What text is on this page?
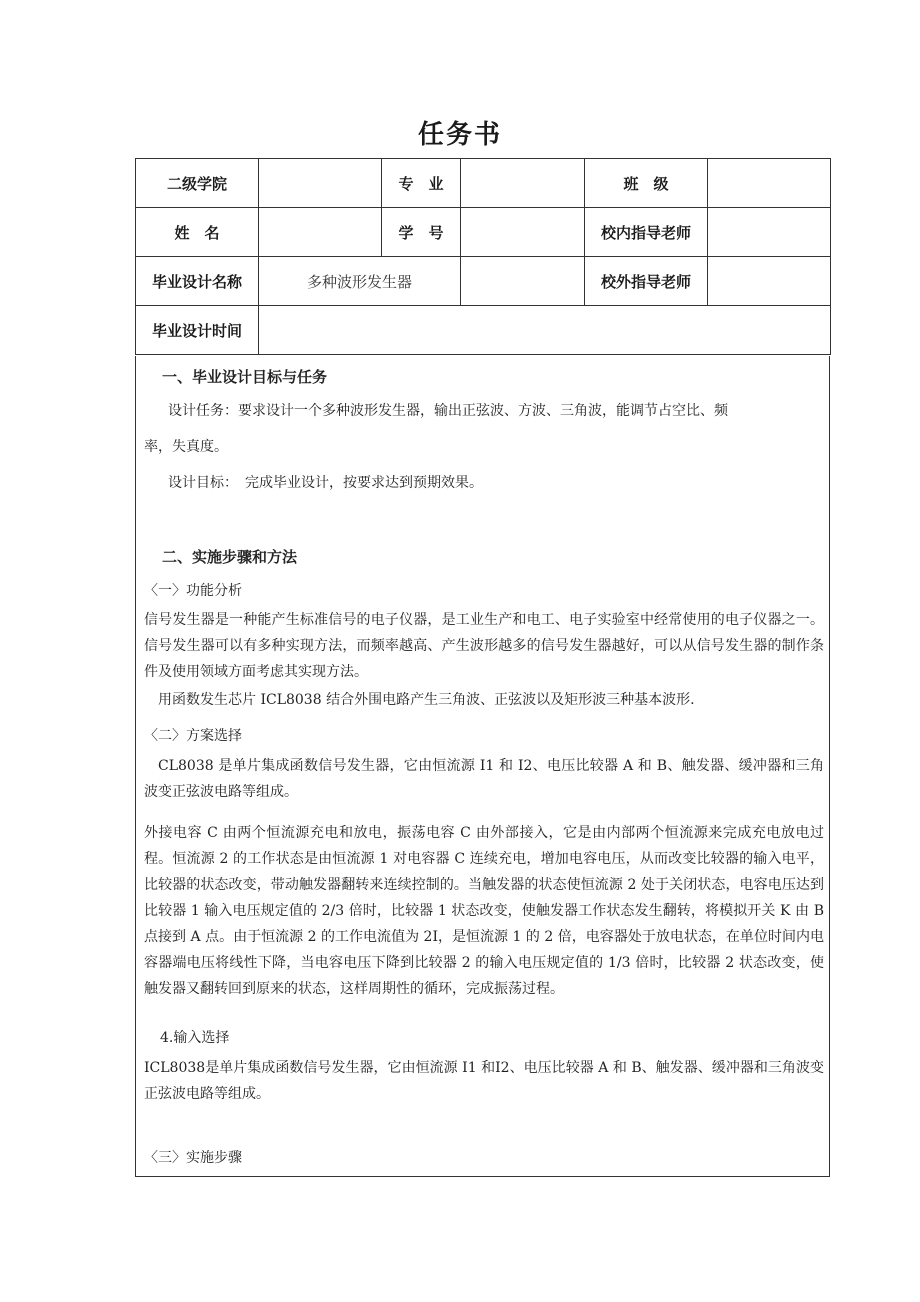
任务书
二级学院		专　业		班　级	
姓　名		学　号		校内指导老师	
毕业设计名称	多种波形发生器			校外指导老师	
毕业设计时间					
一、毕业设计目标与任务
设计任务：要求设计一个多种波形发生器，输出正弦波、方波、三角波，能调节占空比、频
率，失真度。
设计目标：　完成毕业设计，按要求达到预期效果。
二、实施步骤和方法
〈一〉功能分析
信号发生器是一种能产生标准信号的电子仪器，是工业生产和电工、电子实验室中经常使用的电子仪器之一。信号发生器可以有多种实现方法，而频率越高、产生波形越多的信号发生器越好，可以从信号发生器的制作条件及使用领域方面考虑其实现方法。
用函数发生芯片 ICL8038 结合外围电路产生三角波、正弦波以及矩形波三种基本波形.
〈二〉方案选择
CL8038 是单片集成函数信号发生器，它由恒流源 I1 和 I2、电压比较器 A 和 B、触发器、缓冲器和三角波变正弦波电路等组成。
外接电容 C 由两个恒流源充电和放电，振荡电容 C 由外部接入，它是由内部两个恒流源来完成充电放电过程。恒流源 2 的工作状态是由恒流源 1 对电容器 C 连续充电，增加电容电压，从而改变比较器的输入电平，比较器的状态改变，带动触发器翻转来连续控制的。当触发器的状态使恒流源 2 处于关闭状态，电容电压达到比较器 1 输入电压规定值的 2/3 倍时，比较器 1 状态改变，使触发器工作状态发生翻转，将模拟开关 K 由 B 点接到 A 点。由于恒流源 2 的工作电流值为 2I，是恒流源 1 的 2 倍，电容器处于放电状态，在单位时间内电容器端电压将线性下降，当电容电压下降到比较器 2 的输入电压规定值的 1/3 倍时，比较器 2 状态改变，使触发器又翻转回到原来的状态，这样周期性的循环，完成振荡过程。
4.输入选择
ICL8038是单片集成函数信号发生器，它由恒流源 I1 和I2、电压比较器 A 和 B、触发器、缓冲器和三角波变正弦波电路等组成。
〈三〉实施步骤
